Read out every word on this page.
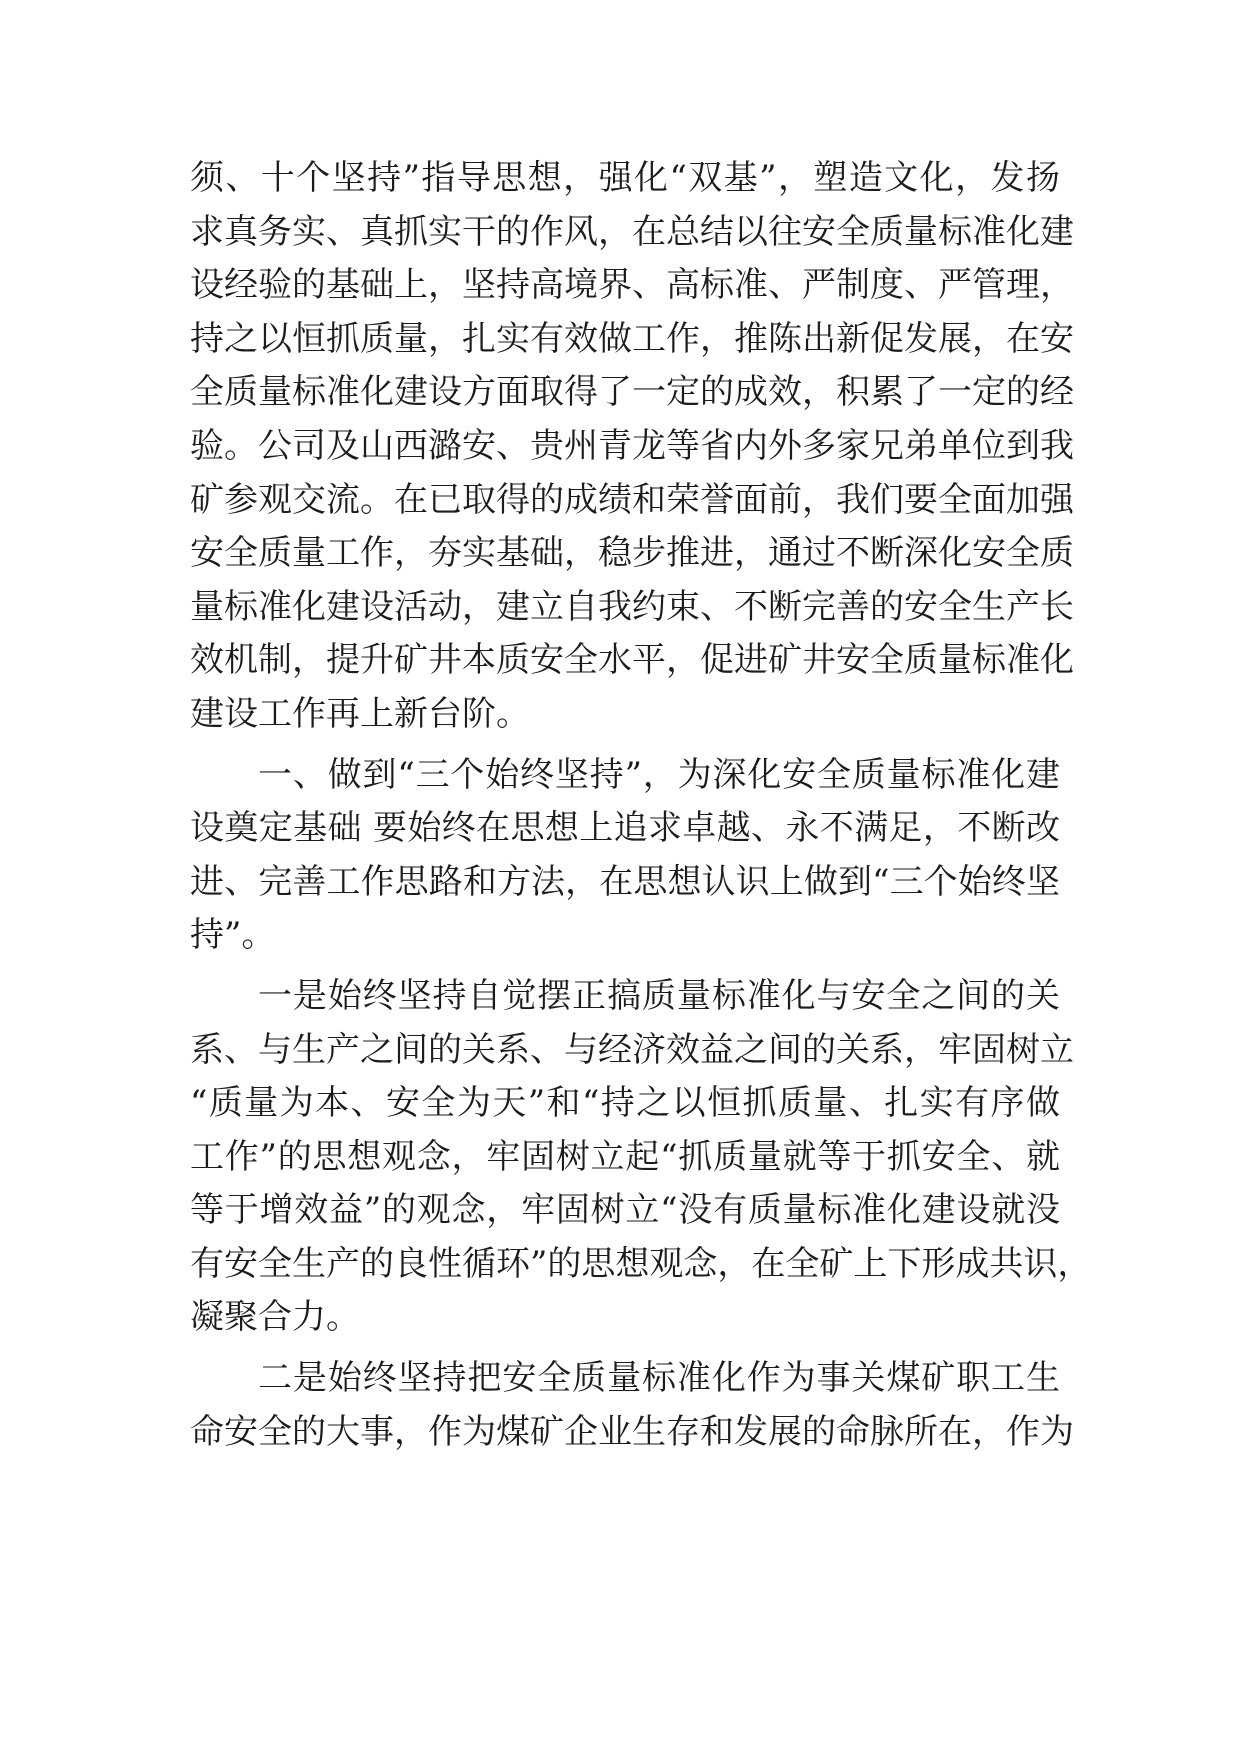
须、十个坚持”指导思想，强化“双基”，塑造文化，发扬
求真务实、真抓实干的作风，在总结以往安全质量标准化建
设经验的基础上，坚持高境界、高标准、严制度、严管理，
持之以恒抓质量，扎实有效做工作，推陈出新促发展，在安
全质量标准化建设方面取得了一定的成效，积累了一定的经
验。公司及山西潞安、贵州青龙等省内外多家兄弟单位到我
矿参观交流。在已取得的成绩和荣誉面前，我们要全面加强
安全质量工作，夯实基础，稳步推进，通过不断深化安全质
量标准化建设活动，建立自我约束、不断完善的安全生产长
效机制，提升矿井本质安全水平，促进矿井安全质量标准化
建设工作再上新台阶。
一、做到“三个始终坚持”，为深化安全质量标准化建
设奠定基础 要始终在思想上追求卓越、永不满足，不断改
进、完善工作思路和方法，在思想认识上做到“三个始终坚
持”。
一是始终坚持自觉摆正搞质量标准化与安全之间的关
系、与生产之间的关系、与经济效益之间的关系，牢固树立
“质量为本、安全为天”和“持之以恒抓质量、扎实有序做
工作”的思想观念，牢固树立起“抓质量就等于抓安全、就
等于增效益”的观念，牢固树立“没有质量标准化建设就没
有安全生产的良性循环”的思想观念，在全矿上下形成共识，
凝聚合力。
二是始终坚持把安全质量标准化作为事关煤矿职工生
命安全的大事，作为煤矿企业生存和发展的命脉所在，作为
